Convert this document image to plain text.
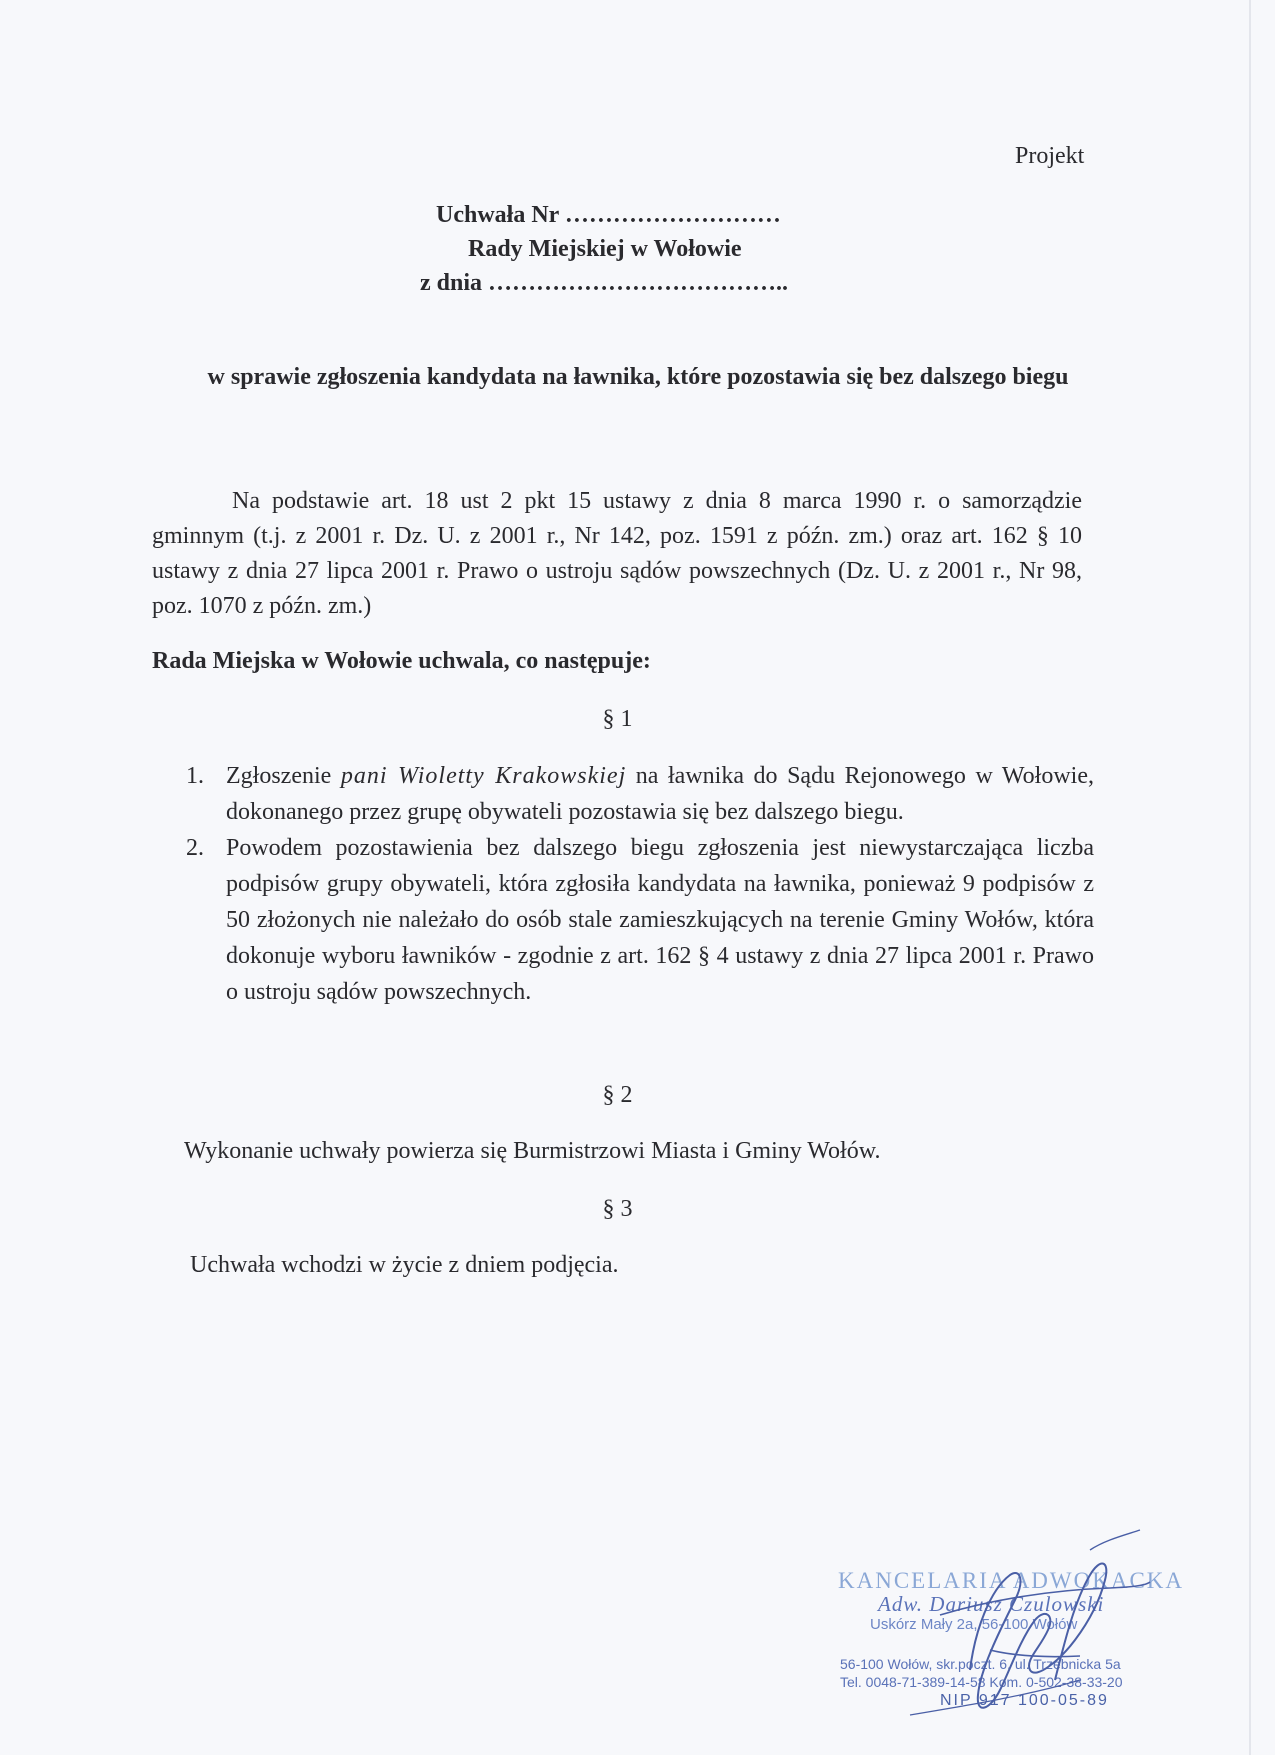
Projekt
Uchwała Nr ………………………
Rady Miejskiej w Wołowie
z dnia ………………………………..
w sprawie zgłoszenia kandydata na ławnika, które pozostawia się bez dalszego biegu
Na podstawie art. 18 ust 2 pkt 15 ustawy z dnia 8 marca 1990 r. o samorządzie gminnym (t.j. z 2001 r. Dz. U. z 2001 r., Nr 142, poz. 1591 z późn. zm.) oraz art. 162 § 10 ustawy z dnia 27 lipca 2001 r. Prawo o ustroju sądów powszechnych (Dz. U. z 2001 r., Nr 98, poz. 1070 z późn. zm.)
Rada Miejska w Wołowie uchwala, co następuje:
§ 1
1. Zgłoszenie pani Wioletty Krakowskiej na ławnika do Sądu Rejonowego w Wołowie, dokonanego przez grupę obywateli pozostawia się bez dalszego biegu.
2. Powodem pozostawienia bez dalszego biegu zgłoszenia jest niewystarczająca liczba podpisów grupy obywateli, która zgłosiła kandydata na ławnika, ponieważ 9 podpisów z 50 złożonych nie należało do osób stale zamieszkujących na terenie Gminy Wołów, która dokonuje wyboru ławników - zgodnie z art. 162 § 4 ustawy z dnia 27 lipca 2001 r. Prawo o ustroju sądów powszechnych.
§ 2
Wykonanie uchwały powierza się Burmistrzowi Miasta i Gminy Wołów.
§ 3
Uchwała wchodzi w życie z dniem podjęcia.
KANCELARIA ADWOKACKA
Adw. Dariusz Czulowski
Uskórz Mały 2a, 56-100 Wołów
56-100 Wołów, skr.poczt. 6, ul. Trzebnicka 5a
Tel. 0048-71-389-14-58 Kom. 0-502-38-33-20
NIP 917 100-05-89
